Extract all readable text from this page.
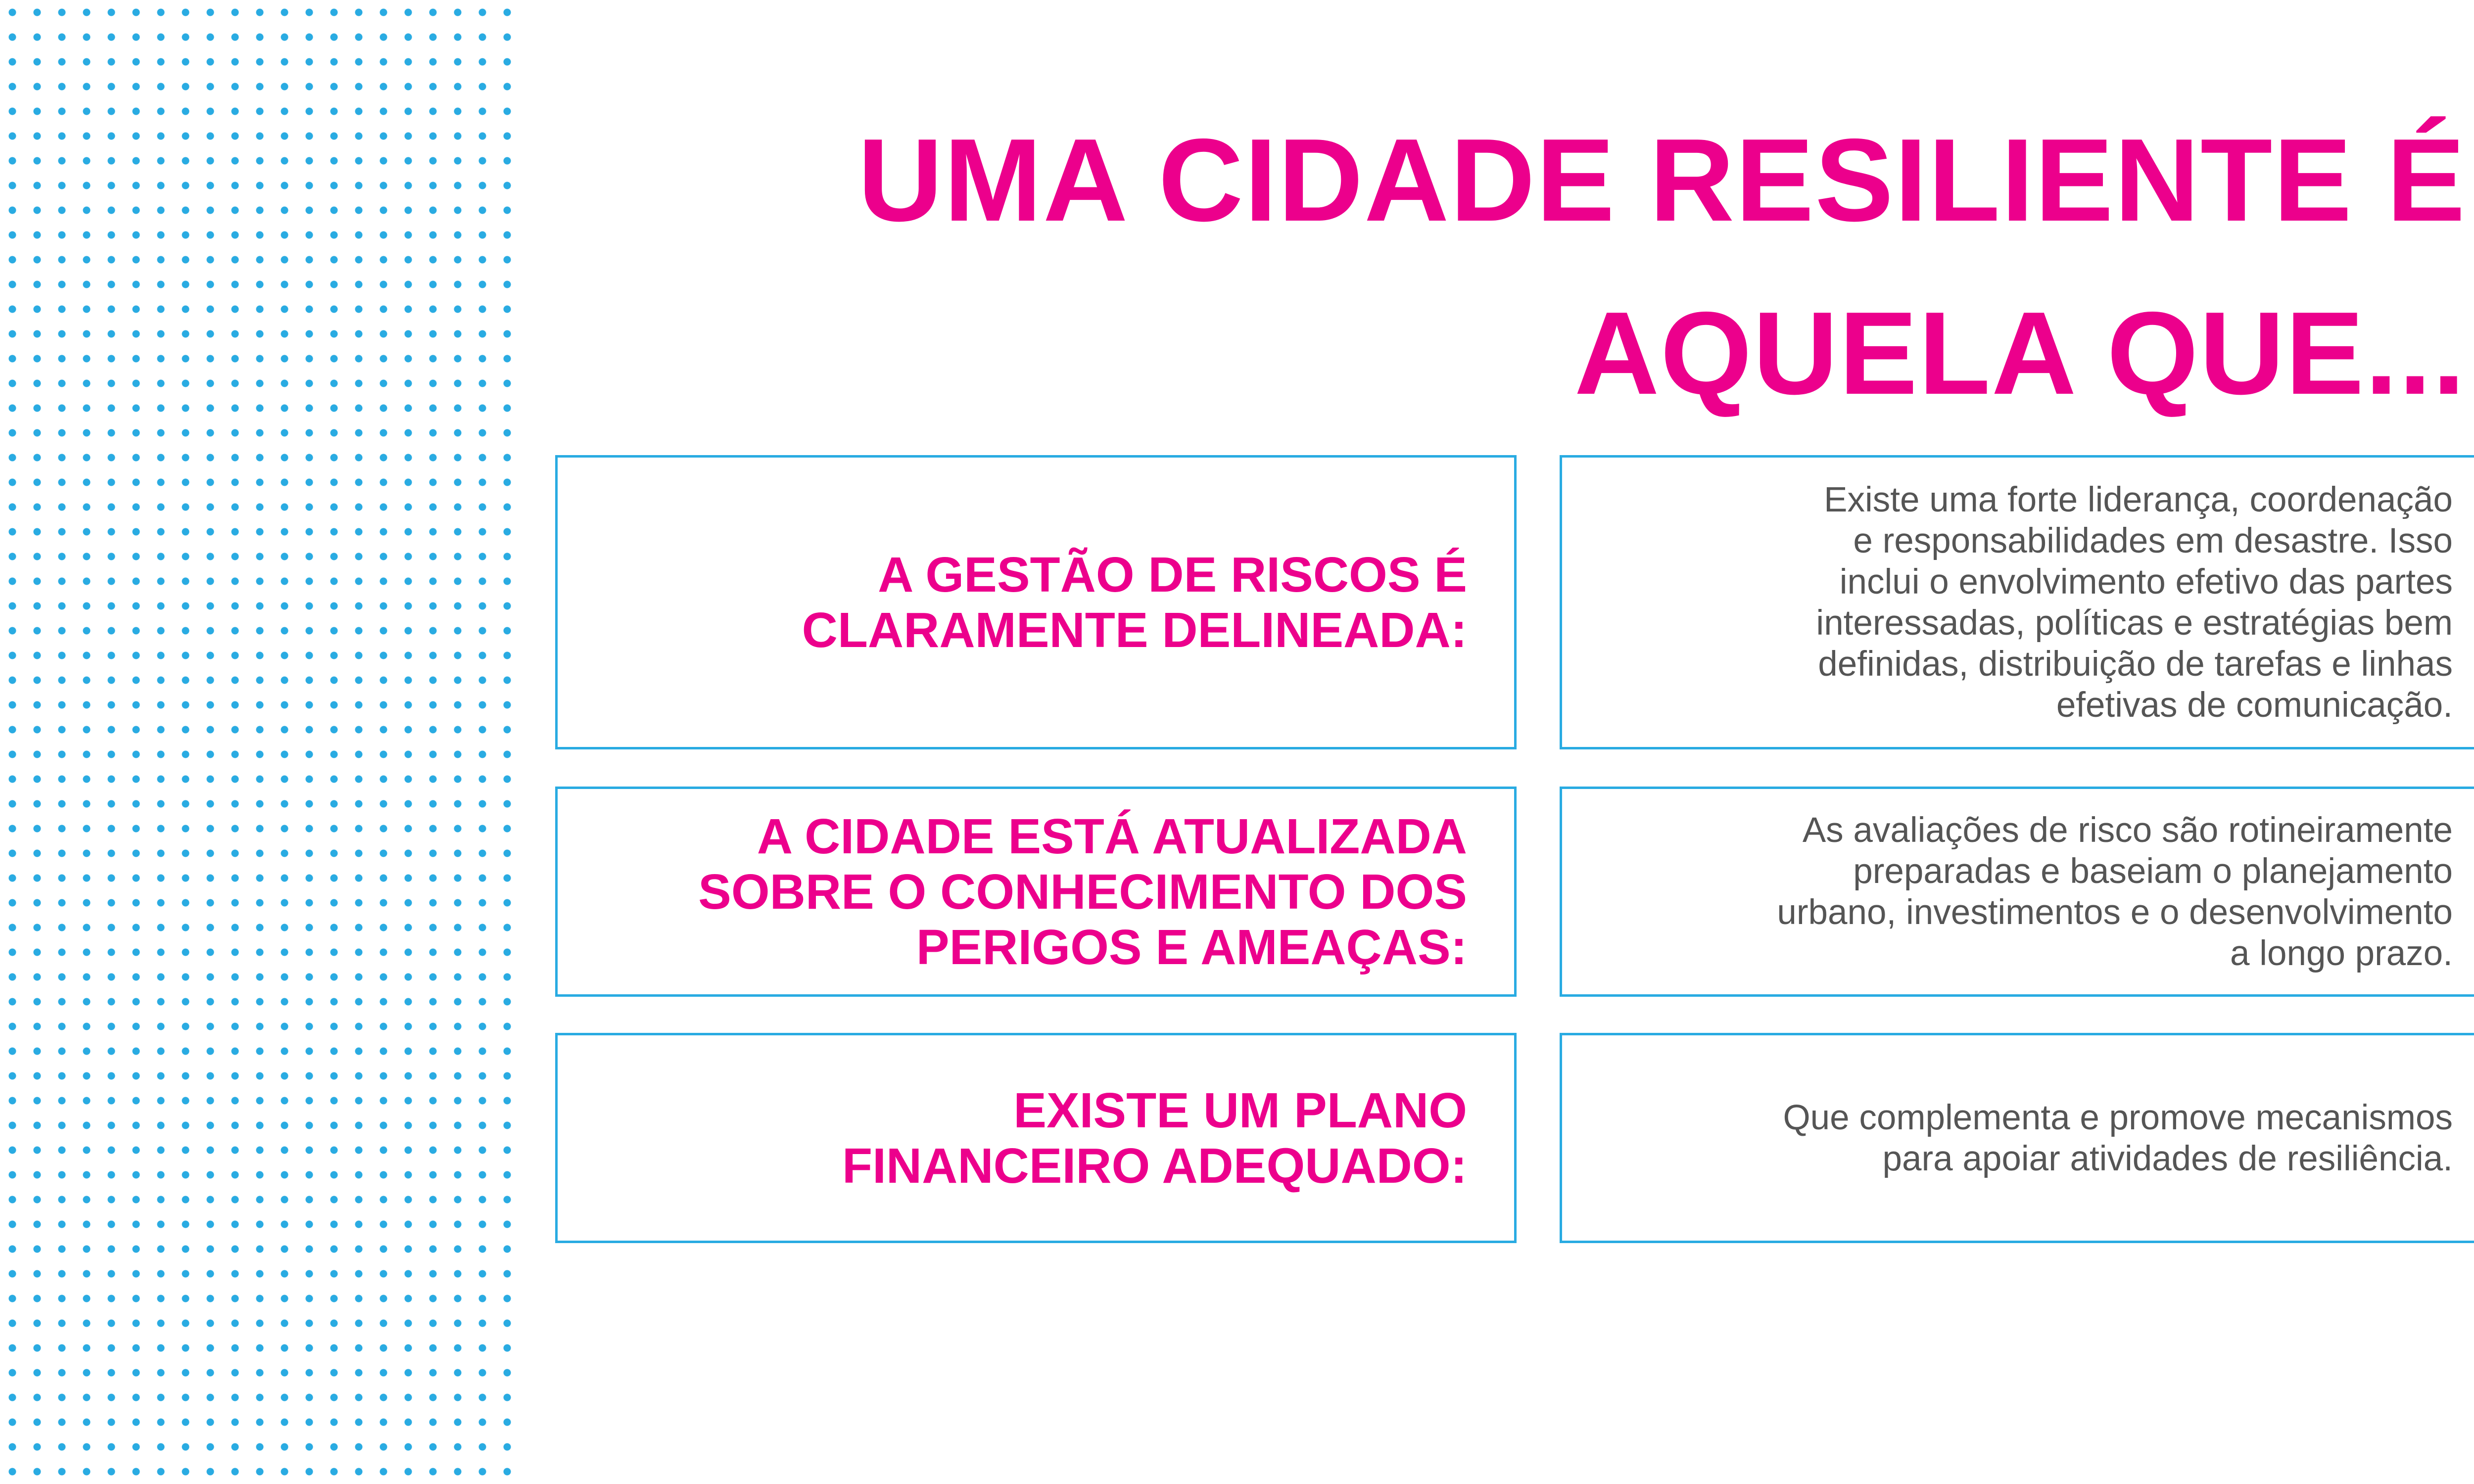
UMA CIDADE RESILIENTE É
AQUELA QUE...
A GESTÃO DE RISCOS É
CLARAMENTE DELINEADA:
Existe uma forte liderança, coordenação
e responsabilidades em desastre. Isso
inclui o envolvimento efetivo das partes
interessadas, políticas e estratégias bem
definidas, distribuição de tarefas e linhas
efetivas de comunicação.
A CIDADE ESTÁ ATUALIZADA
SOBRE O CONHECIMENTO DOS
PERIGOS E AMEAÇAS:
As avaliações de risco são rotineiramente
preparadas e baseiam o planejamento
urbano, investimentos e o desenvolvimento
a longo prazo.
EXISTE UM PLANO
FINANCEIRO ADEQUADO:
Que complementa e promove mecanismos
para apoiar atividades de resiliência.
